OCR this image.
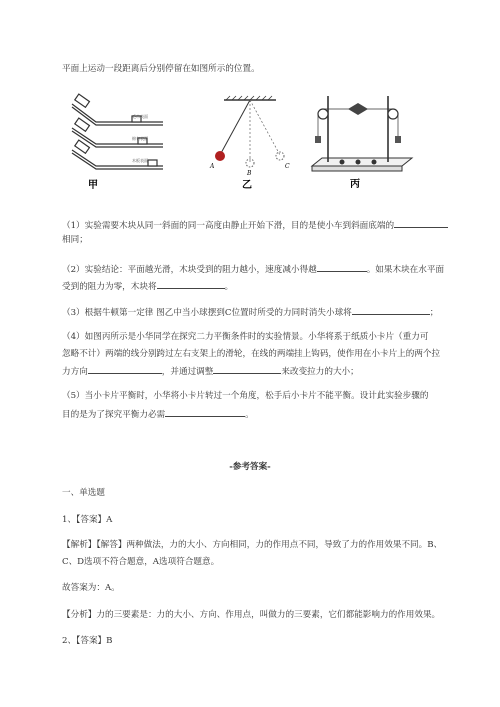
平面上运动一段距离后分别停留在如图所示的位置。
毛巾表面
棉布表面
木板表面
甲
A
B
C
乙	丙
（1）实验需要木块从同一斜面的同一高度由静止开始下滑，目的是使小车到斜面底端的
相同；
（2）实验结论：平面越光滑，木块受到的阻力越小，速度减小得越	。如果木块在水平面
受到的阻力为零，木块将	。
（3）根据牛顿第一定律 图乙中当小球摆到C位置时所受的力同时消失小球将	；
（4）如图丙所示是小华同学在探究二力平衡条件时的实验情景。小华将系于纸质小卡片（重力可
忽略不计）两端的线分别跨过左右支架上的滑轮，在线的两端挂上钩码，使作用在小卡片上的两个拉
力方向	，并通过调整	来改变拉力的大小；
（5）当小卡片平衡时，小华将小卡片转过一个角度，松手后小卡片不能平衡。设计此实验步骤的
目的是为了探究平衡力必需	。
-参考答案-
一、单选题
1、【答案】A
【解析】【解答】两种做法，力的大小、方向相同，力的作用点不同，导致了力的作用效果不同。B、
C、D选项不符合题意，A选项符合题意。
故答案为：A。
【分析】力的三要素是：力的大小、方向、作用点，叫做力的三要素，它们都能影响力的作用效果。
2、【答案】B
